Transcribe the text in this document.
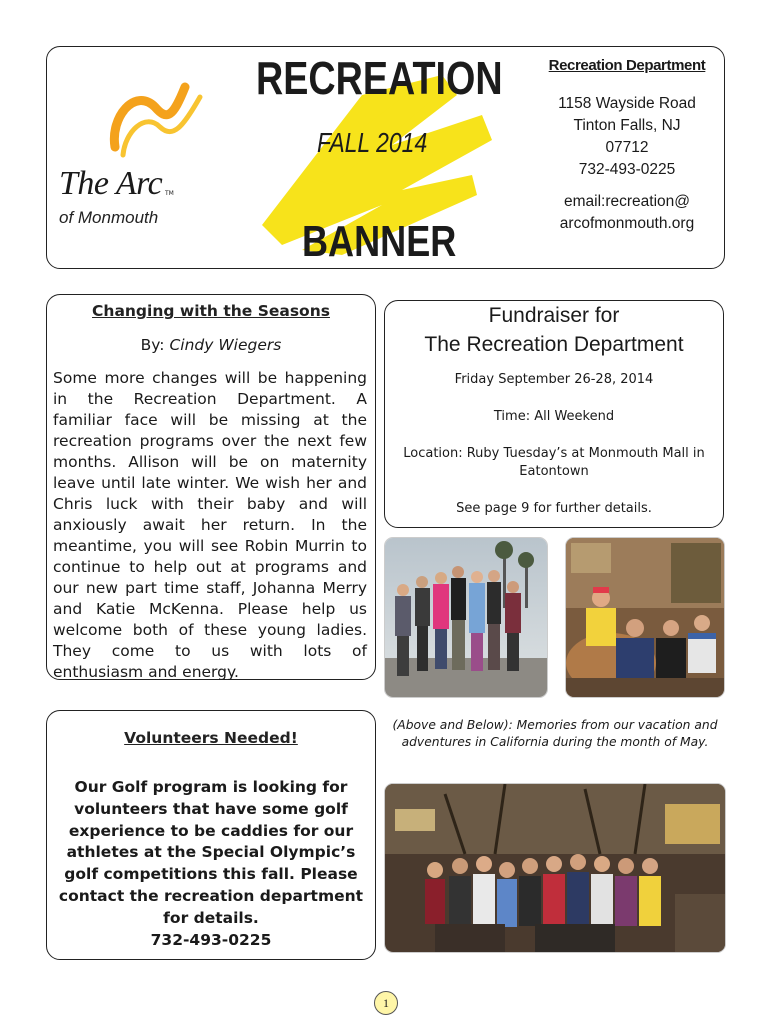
The Arc TM
of Monmouth
RECREATION
FALL 2014
BANNER
Recreation Department
1158 Wayside Road
Tinton Falls, NJ
07712
732-493-0225
email:recreation@
arcofmonmouth.org
Changing with the Seasons
By: Cindy Wiegers
Some more changes will be happening in the Recreation Department. A familiar face will be missing at the recreation programs over the next few months. Allison will be on maternity leave until late winter. We wish her and Chris luck with their baby and will anxiously await her return. In the meantime, you will see Robin Murrin to continue to help out at programs and our new part time staff, Johanna Merry and Katie McKenna. Please help us welcome both of these young ladies. They come to us with lots of enthusiasm and energy.
Volunteers Needed!
Our Golf program is looking for volunteers that have some golf experience to be caddies for our athletes at the Special Olympic’s golf competitions this fall. Please contact the recreation department for details.
732-493-0225
Fundraiser for
The Recreation Department
Friday September 26-28, 2014
Time: All Weekend
Location: Ruby Tuesday’s at Monmouth Mall in Eatontown
See page 9 for further details.
(Above and Below): Memories from our vacation and adventures in California during the month of May.
1
